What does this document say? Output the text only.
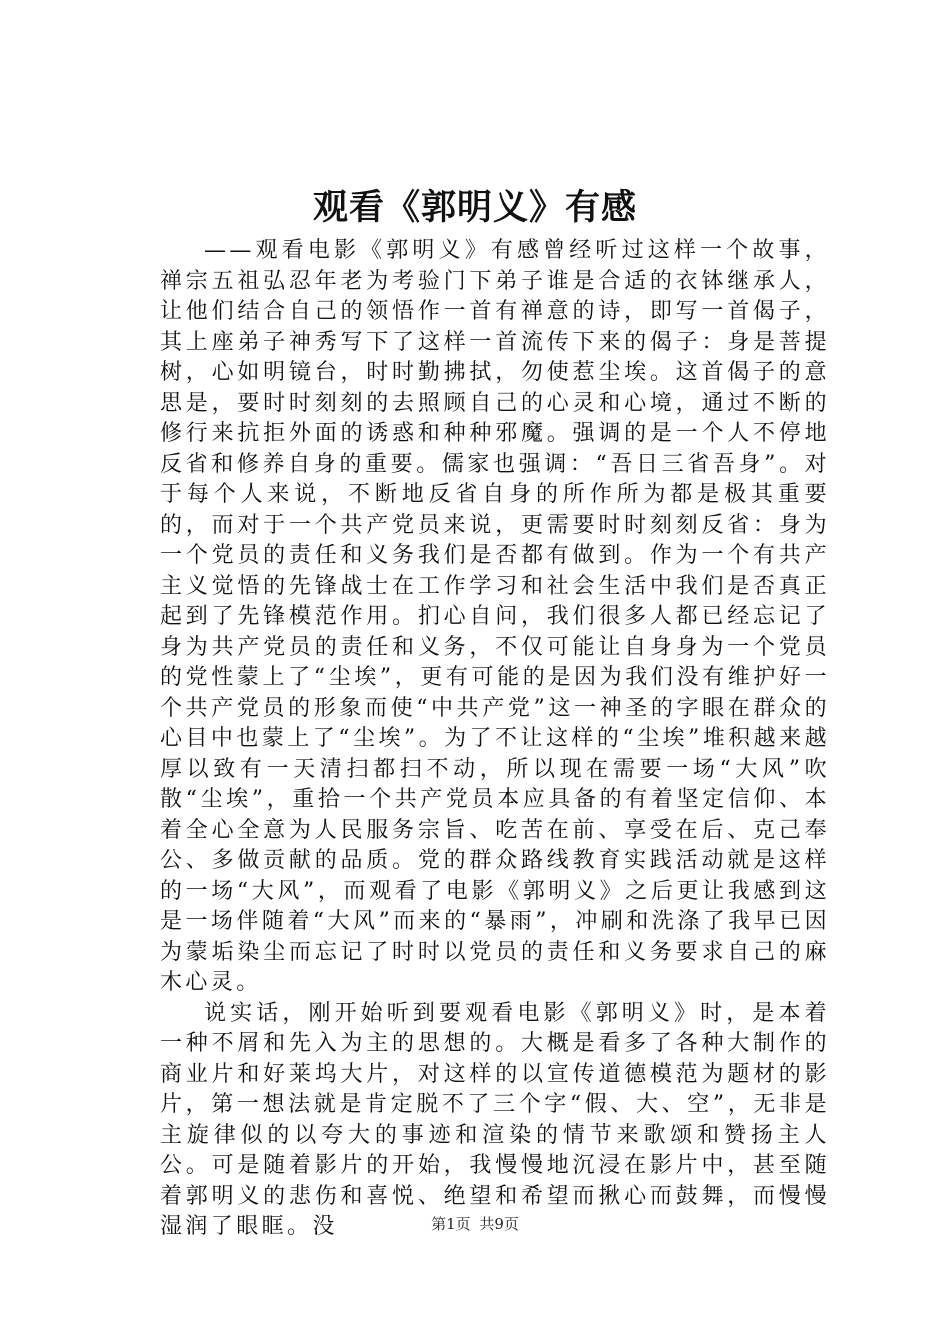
观看《郭明义》有感

——观看电影《郭明义》有感曾经听过这样一个故事，禅宗五祖弘忍年老为考验门下弟子谁是合适的衣钵继承人，让他们结合自己的领悟作一首有禅意的诗，即写一首偈子，其上座弟子神秀写下了这样一首流传下来的偈子：身是菩提树，心如明镜台，时时勤拂拭，勿使惹尘埃。这首偈子的意思是，要时时刻刻的去照顾自己的心灵和心境，通过不断的修行来抗拒外面的诱惑和种种邪魔。强调的是一个人不停地反省和修养自身的重要。儒家也强调：“吾日三省吾身”。对于每个人来说，不断地反省自身的所作所为都是极其重要的，而对于一个共产党员来说，更需要时时刻刻反省：身为一个党员的责任和义务我们是否都有做到。作为一个有共产主义觉悟的先锋战士在工作学习和社会生活中我们是否真正起到了先锋模范作用。扪心自问，我们很多人都已经忘记了身为共产党员的责任和义务，不仅可能让自身身为一个党员的党性蒙上了“尘埃”，更有可能的是因为我们没有维护好一个共产党员的形象而使“中共产党”这一神圣的字眼在群众的心目中也蒙上了“尘埃”。为了不让这样的“尘埃”堆积越来越厚以致有一天清扫都扫不动，所以现在需要一场“大风”吹散“尘埃”，重拾一个共产党员本应具备的有着坚定信仰、本着全心全意为人民服务宗旨、吃苦在前、享受在后、克己奉公、多做贡献的品质。党的群众路线教育实践活动就是这样的一场“大风”，而观看了电影《郭明义》之后更让我感到这是一场伴随着“大风”而来的“暴雨”，冲刷和洗涤了我早已因为蒙垢染尘而忘记了时时以党员的责任和义务要求自己的麻木心灵。

说实话，刚开始听到要观看电影《郭明义》时，是本着一种不屑和先入为主的思想的。大概是看多了各种大制作的商业片和好莱坞大片，对这样的以宣传道德模范为题材的影片，第一想法就是肯定脱不了三个字“假、大、空”，无非是主旋律似的以夸大的事迹和渲染的情节来歌颂和赞扬主人公。可是随着影片的开始，我慢慢地沉浸在影片中，甚至随着郭明义的悲伤和喜悦、绝望和希望而揪心而鼓舞，而慢慢湿润了眼眶。没	第1页 共9页
